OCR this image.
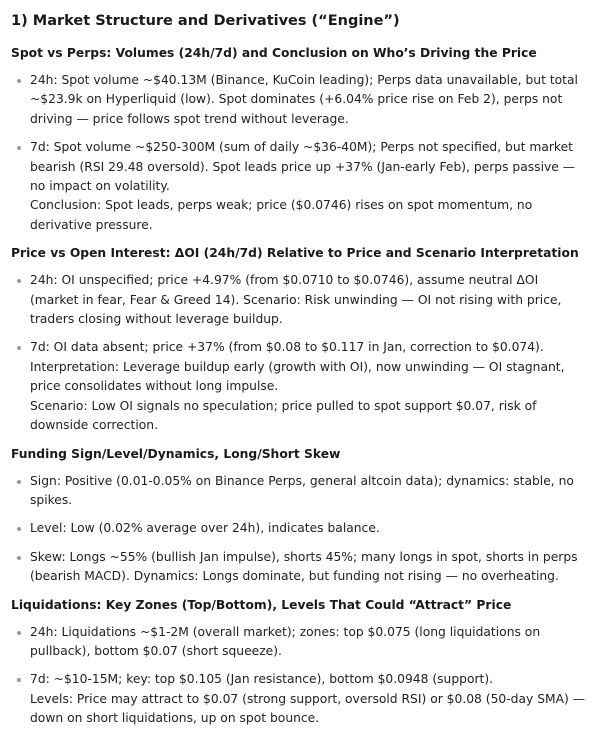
1) Market Structure and Derivatives (“Engine”)
Spot vs Perps: Volumes (24h/7d) and Conclusion on Who’s Driving the Price
24h: Spot volume ~$40.13M (Binance, KuCoin leading); Perps data unavailable, but total ~$23.9k on Hyperliquid (low). Spot dominates (+6.04% price rise on Feb 2), perps not driving — price follows spot trend without leverage.
7d: Spot volume ~$250-300M (sum of daily ~$36-40M); Perps not specified, but market bearish (RSI 29.48 oversold). Spot leads price up +37% (Jan-early Feb), perps passive — no impact on volatility.
Conclusion: Spot leads, perps weak; price ($0.0746) rises on spot momentum, no derivative pressure.
Price vs Open Interest: ΔOI (24h/7d) Relative to Price and Scenario Interpretation
24h: OI unspecified; price +4.97% (from $0.0710 to $0.0746), assume neutral ΔOI (market in fear, Fear & Greed 14). Scenario: Risk unwinding — OI not rising with price, traders closing without leverage buildup.
7d: OI data absent; price +37% (from $0.08 to $0.117 in Jan, correction to $0.074).
Interpretation: Leverage buildup early (growth with OI), now unwinding — OI stagnant, price consolidates without long impulse.
Scenario: Low OI signals no speculation; price pulled to spot support $0.07, risk of downside correction.
Funding Sign/Level/Dynamics, Long/Short Skew
Sign: Positive (0.01-0.05% on Binance Perps, general altcoin data); dynamics: stable, no spikes.
Level: Low (0.02% average over 24h), indicates balance.
Skew: Longs ~55% (bullish Jan impulse), shorts 45%; many longs in spot, shorts in perps (bearish MACD). Dynamics: Longs dominate, but funding not rising — no overheating.
Liquidations: Key Zones (Top/Bottom), Levels That Could “Attract” Price
24h: Liquidations ~$1-2M (overall market); zones: top $0.075 (long liquidations on pullback), bottom $0.07 (short squeeze).
7d: ~$10-15M; key: top $0.105 (Jan resistance), bottom $0.0948 (support).
Levels: Price may attract to $0.07 (strong support, oversold RSI) or $0.08 (50-day SMA) — down on short liquidations, up on spot bounce.
